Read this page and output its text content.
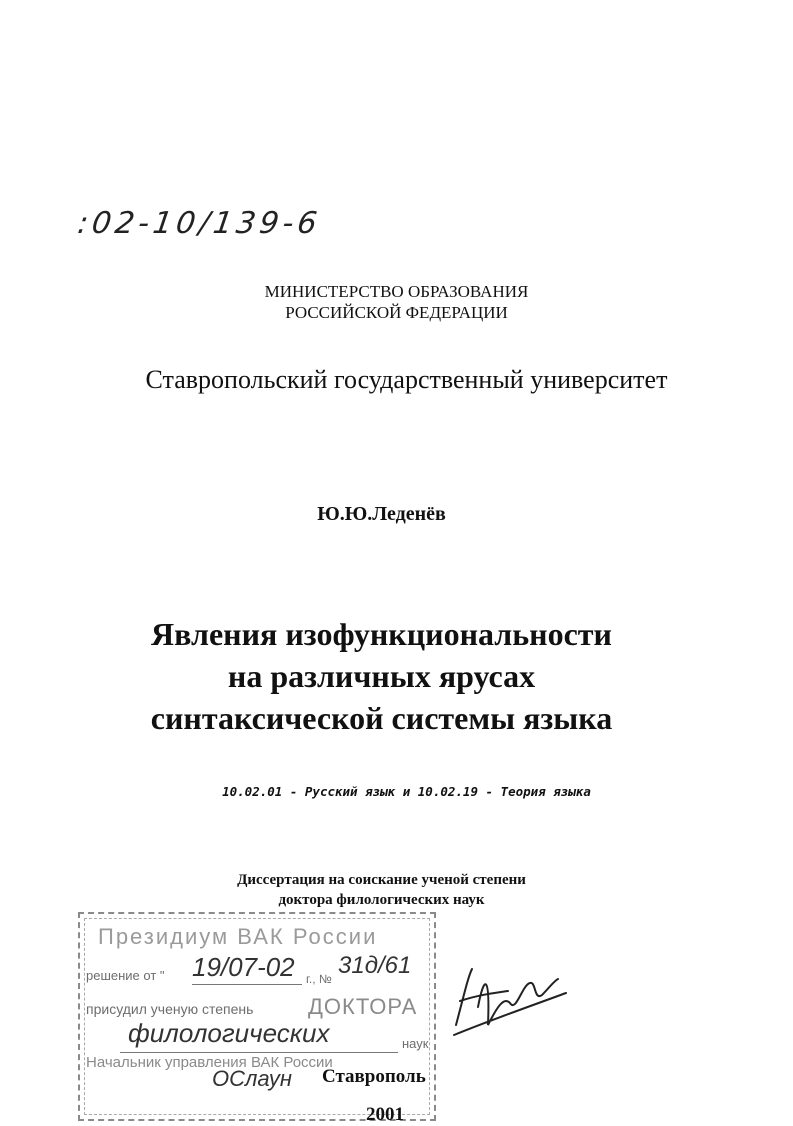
:02-10/139-6
МИНИСТЕРСТВО ОБРАЗОВАНИЯ
РОССИЙСКОЙ ФЕДЕРАЦИИ
Ставропольский государственный университет
Ю.Ю.Леденёв
Явления изофункциональности
на различных ярусах
синтаксической системы языка
10.02.01 - Русский язык и 10.02.19 - Теория языка
Диссертация на соискание ученой степени
доктора филологических наук
Президиум ВАК России
решение от " 19/07-02 г., № 31д/61
присудил ученую степень ДОКТОРА
филологических	наук
Начальник управления ВАК России
ОСлаун Ставрополь
2001
